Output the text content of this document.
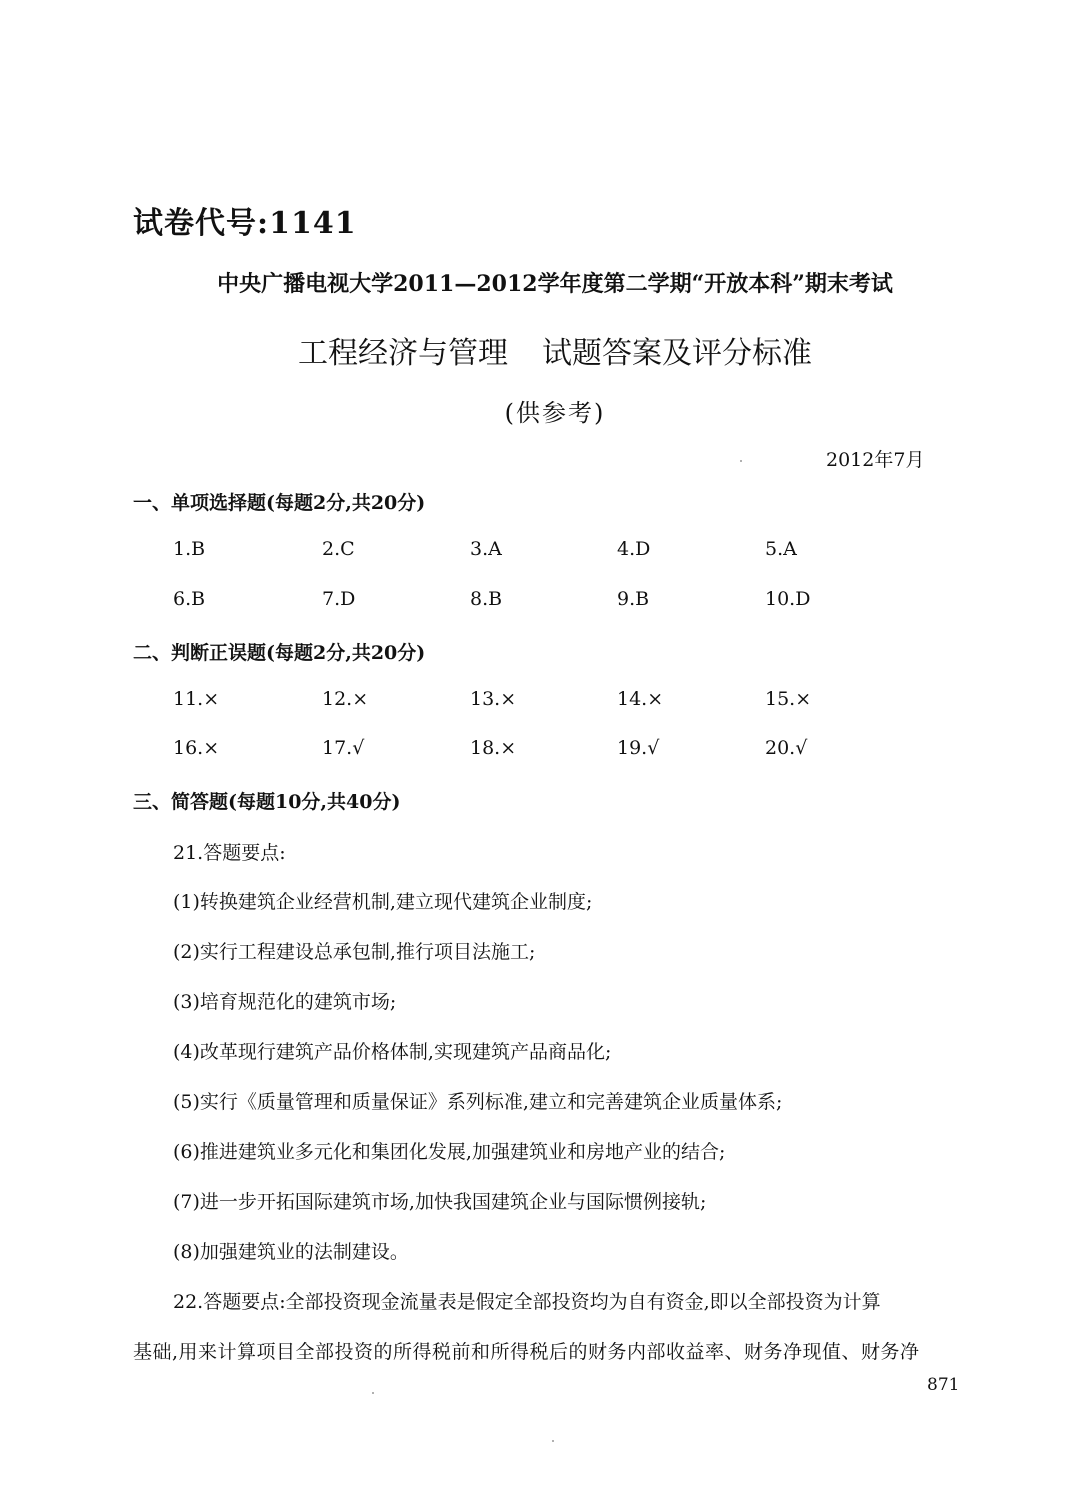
试卷代号:1141
中央广播电视大学2011—2012学年度第二学期“开放本科”期末考试
工程经济与管理 试题答案及评分标准
(供参考)
2012年7月
一、单项选择题(每题2分,共20分)
1.B	2.C	3.A	4.D	5.A
6.B	7.D	8.B	9.B	10.D
二、判断正误题(每题2分,共20分)
11.×	12.×	13.×	14.×	15.×
16.×	17.√	18.×	19.√	20.√
三、简答题(每题10分,共40分)
21.答题要点:
(1)转换建筑企业经营机制,建立现代建筑企业制度;
(2)实行工程建设总承包制,推行项目法施工;
(3)培育规范化的建筑市场;
(4)改革现行建筑产品价格体制,实现建筑产品商品化;
(5)实行《质量管理和质量保证》系列标准,建立和完善建筑企业质量体系;
(6)推进建筑业多元化和集团化发展,加强建筑业和房地产业的结合;
(7)进一步开拓国际建筑市场,加快我国建筑企业与国际惯例接轨;
(8)加强建筑业的法制建设。
22.答题要点:全部投资现金流量表是假定全部投资均为自有资金,即以全部投资为计算
基础,用来计算项目全部投资的所得税前和所得税后的财务内部收益率、财务净现值、财务净
871
